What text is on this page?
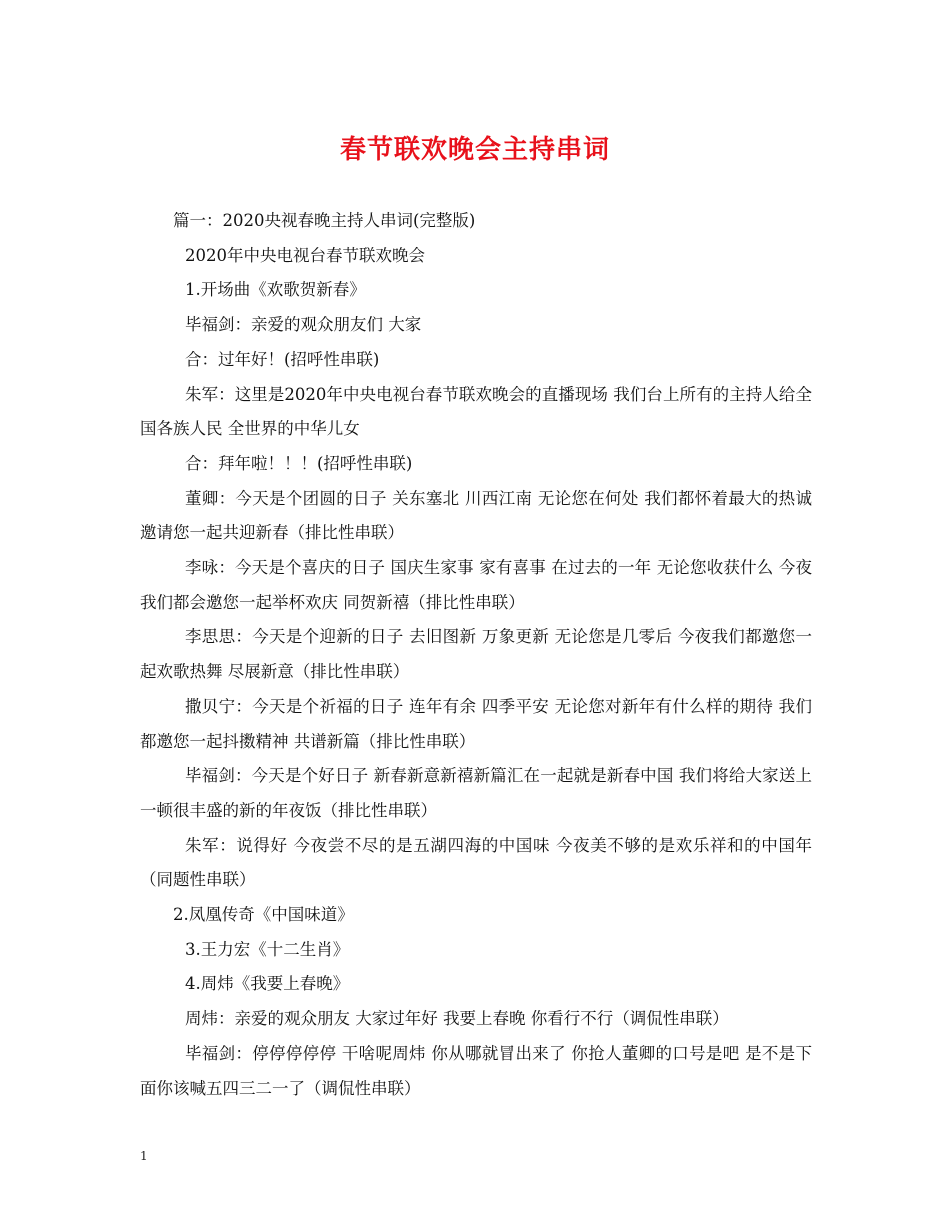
春节联欢晚会主持串词

篇一：2020央视春晚主持人串词(完整版)

2020年中央电视台春节联欢晚会

1.开场曲《欢歌贺新春》

毕福剑：亲爱的观众朋友们 大家

合：过年好！(招呼性串联)

朱军：这里是2020年中央电视台春节联欢晚会的直播现场 我们台上所有的主持人给全国各族人民 全世界的中华儿女

合：拜年啦！！！(招呼性串联)

董卿：今天是个团圆的日子 关东塞北 川西江南 无论您在何处 我们都怀着最大的热诚 邀请您一起共迎新春（排比性串联）

李咏：今天是个喜庆的日子 国庆生家事 家有喜事 在过去的一年 无论您收获什么 今夜我们都会邀您一起举杯欢庆 同贺新禧（排比性串联）

李思思：今天是个迎新的日子 去旧图新 万象更新 无论您是几零后 今夜我们都邀您一起欢歌热舞 尽展新意（排比性串联）

撒贝宁：今天是个祈福的日子 连年有余 四季平安 无论您对新年有什么样的期待 我们都邀您一起抖擞精神 共谱新篇（排比性串联）

毕福剑：今天是个好日子 新春新意新禧新篇汇在一起就是新春中国 我们将给大家送上一顿很丰盛的新的年夜饭（排比性串联）

朱军：说得好 今夜尝不尽的是五湖四海的中国味 今夜美不够的是欢乐祥和的中国年（同题性串联）

2.凤凰传奇《中国味道》

3.王力宏《十二生肖》

4.周炜《我要上春晚》

周炜：亲爱的观众朋友 大家过年好 我要上春晚 你看行不行（调侃性串联）

毕福剑：停停停停停 干啥呢周炜 你从哪就冒出来了 你抢人董卿的口号是吧 是不是下面你该喊五四三二一了（调侃性串联）

1
